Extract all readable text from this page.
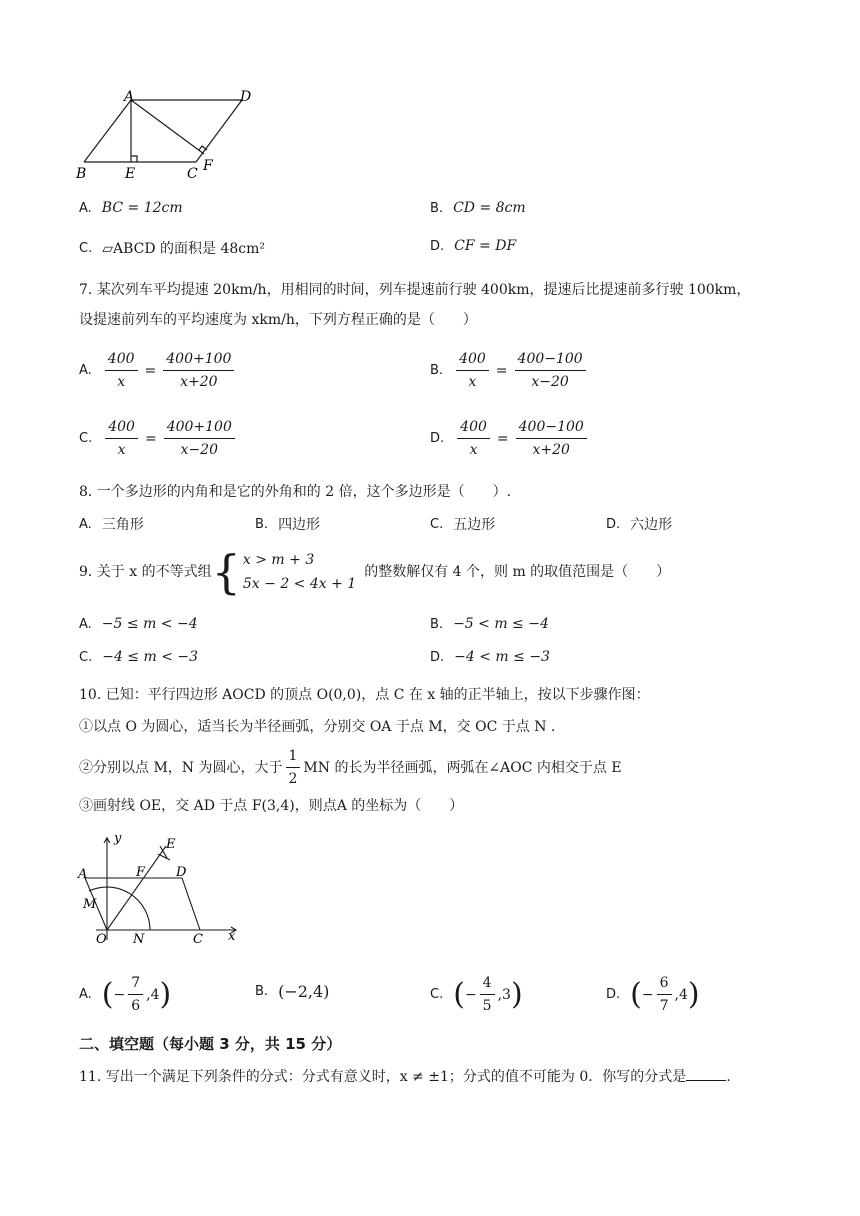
A	D
B	E	C F
A. BC = 12cm	B. CD = 8cm
C. ▱ABCD 的面积是 48cm²	D. CF = DF
7. 某次列车平均提速 20km/h，用相同的时间，列车提速前行驶 400km，提速后比提速前多行驶 100km，
设提速前列车的平均速度为 xkm/h，下列方程正确的是（　　）
A. $\frac{400}{x} = \frac{400+100}{x+20}$	B. $\frac{400}{x} = \frac{400-100}{x-20}$
C. $\frac{400}{x} = \frac{400+100}{x-20}$	D. $\frac{400}{x} = \frac{400-100}{x+20}$
8. 一个多边形的内角和是它的外角和的 2 倍，这个多边形是（　　）.
A. 三角形	B. 四边形	C. 五边形	D. 六边形
9. 关于 x 的不等式组 { x > m + 3
5x − 2 < 4x + 1
的整数解仅有 4 个，则 m 的取值范围是（　　）
A. −5 ≤ m < −4	B. −5 < m ≤ −4
C. −4 ≤ m < −3	D. −4 < m ≤ −3
10. 已知：平行四边形 AOCD 的顶点 O(0,0)，点 C 在 x 轴的正半轴上，按以下步骤作图：
①以点 O 为圆心，适当长为半径画弧，分别交 OA 于点 M，交 OC 于点 N .
②分别以点 M，N 为圆心，大于 $\frac{1}{2}$ MN 的长为半径画弧，两弧在∠AOC 内相交于点 E
③画射线 OE，交 AD 于点 F(3,4)，则点A 的坐标为（　　）
y	E
A	F D
M
O N	C x
A. ( − $\frac{7}{6} ,4$ )	B. (−2,4)	C. ( − $\frac{4}{5} ,3$ )	D. ( − $\frac{6}{7} ,4$ )
二、填空题（每小题 3 分，共 15 分）
11. 写出一个满足下列条件的分式：分式有意义时，x ≠ ±1；分式的值不可能为 0．你写的分式是	.
